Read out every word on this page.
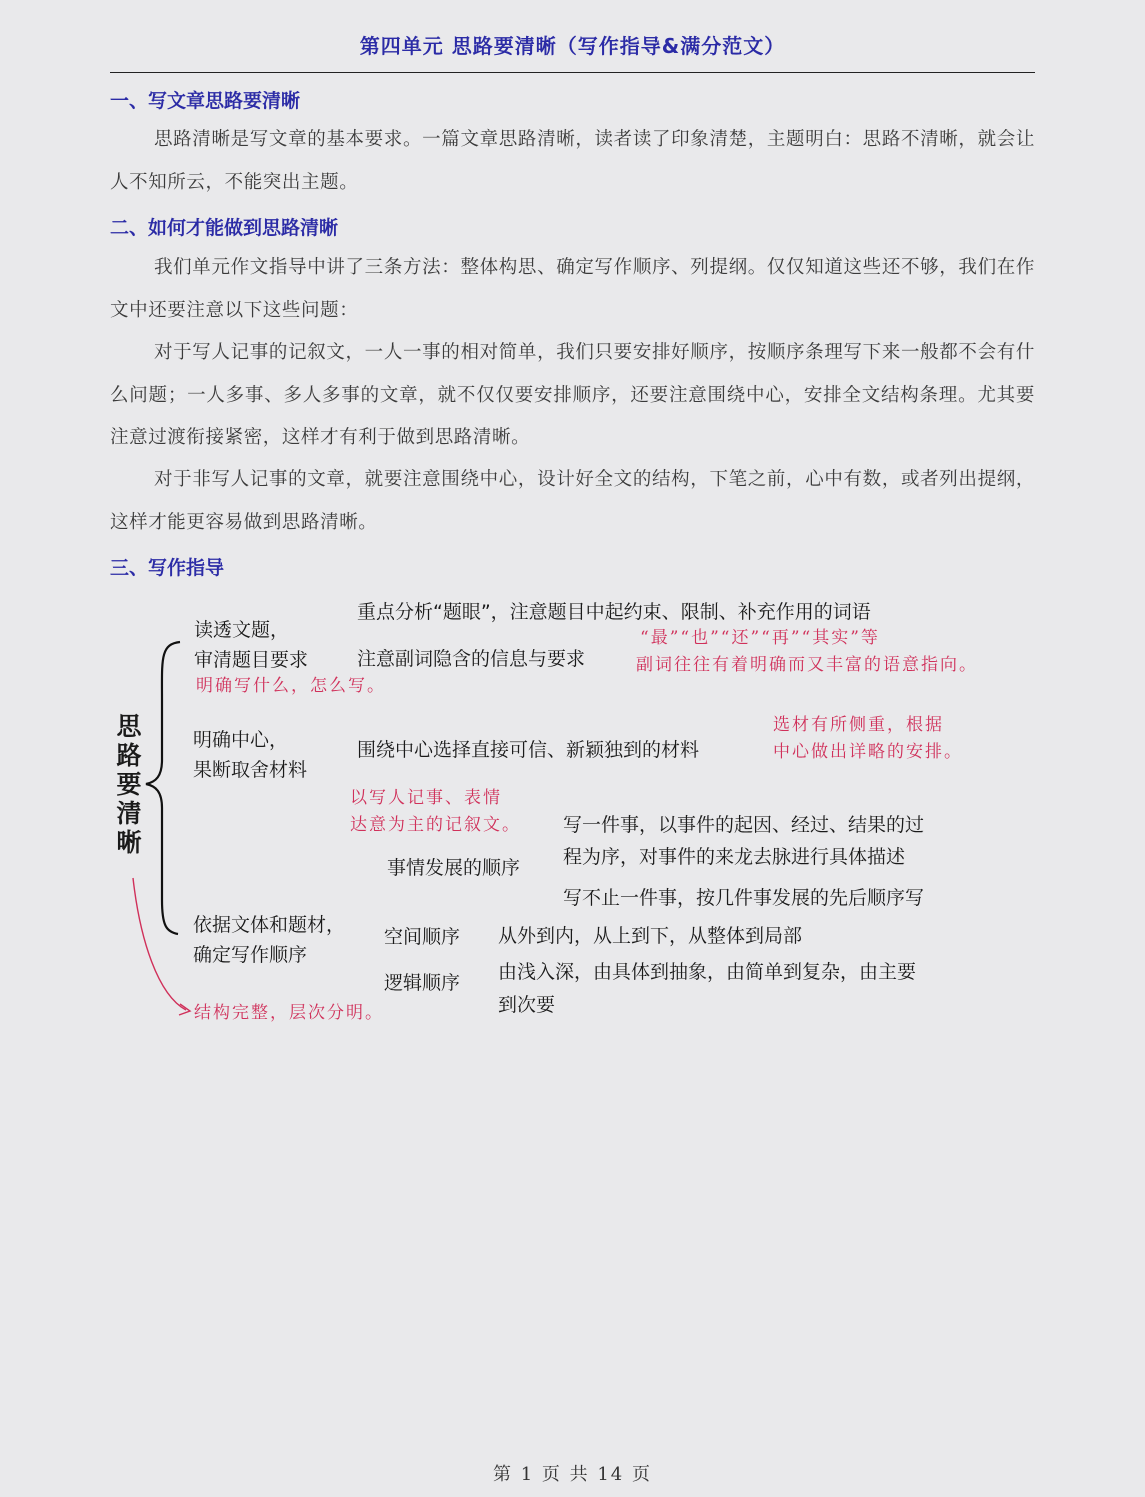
第四单元 思路要清晰（写作指导&满分范文）
一、写文章思路要清晰
思路清晰是写文章的基本要求。一篇文章思路清晰，读者读了印象清楚，主题明白：思路不清晰，就会让人不知所云，不能突出主题。
二、如何才能做到思路清晰
我们单元作文指导中讲了三条方法：整体构思、确定写作顺序、列提纲。仅仅知道这些还不够，我们在作文中还要注意以下这些问题：
对于写人记事的记叙文，一人一事的相对简单，我们只要安排好顺序，按顺序条理写下来一般都不会有什么问题；一人多事、多人多事的文章，就不仅仅要安排顺序，还要注意围绕中心，安排全文结构条理。尤其要注意过渡衔接紧密，这样才有利于做到思路清晰。
对于非写人记事的文章，就要注意围绕中心，设计好全文的结构，下笔之前，心中有数，或者列出提纲，这样才能更容易做到思路清晰。
三、写作指导
思
路
要
清
晰
读透文题，
审清题目要求
重点分析“题眼”，注意题目中起约束、限制、补充作用的词语
注意副词隐含的信息与要求
“最”“也”“还”“再”“其实”等
副词往往有着明确而又丰富的语意指向。
明确写什么，怎么写。
明确中心，
果断取舍材料
围绕中心选择直接可信、新颖独到的材料
选材有所侧重，根据
中心做出详略的安排。
以写人记事、表情
达意为主的记叙文。
事情发展的顺序
写一件事，以事件的起因、经过、结果的过
程为序，对事件的来龙去脉进行具体描述
写不止一件事，按几件事发展的先后顺序写
依据文体和题材，
确定写作顺序
空间顺序 从外到内，从上到下，从整体到局部
逻辑顺序 由浅入深，由具体到抽象，由简单到复杂，由主要
到次要
结构完整，层次分明。
第 1 页 共 14 页
